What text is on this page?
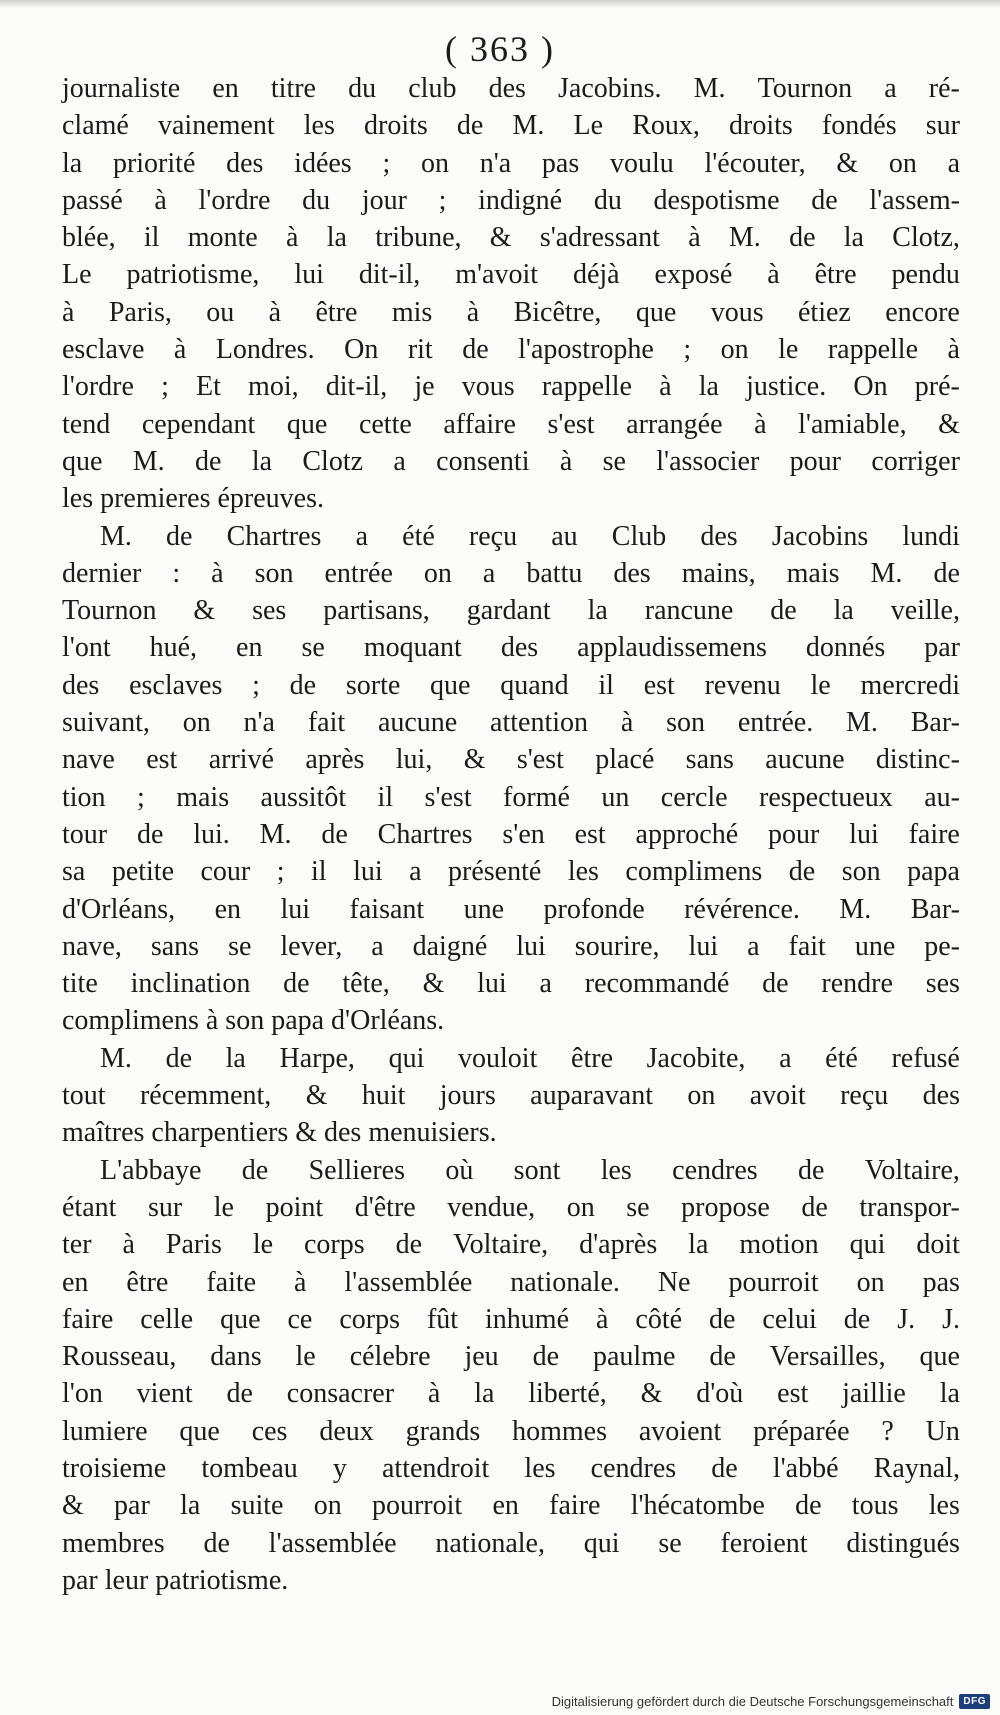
( 363 )
journaliste en titre du club des Jacobins. M. Tournon a ré-
clamé vainement les droits de M. Le Roux, droits fondés sur
la priorité des idées ; on n'a pas voulu l'écouter, & on a
passé à l'ordre du jour ; indigné du despotisme de l'assem-
blée, il monte à la tribune, & s'adressant à M. de la Clotz,
Le patriotisme, lui dit-il, m'avoit déjà exposé à être pendu
à Paris, ou à être mis à Bicêtre, que vous étiez encore
esclave à Londres. On rit de l'apostrophe ; on le rappelle à
l'ordre ; Et moi, dit-il, je vous rappelle à la justice. On pré-
tend cependant que cette affaire s'est arrangée à l'amiable, &
que M. de la Clotz a consenti à se l'associer pour corriger
les premieres épreuves.
M. de Chartres a été reçu au Club des Jacobins lundi
dernier : à son entrée on a battu des mains, mais M. de
Tournon & ses partisans, gardant la rancune de la veille,
l'ont hué, en se moquant des applaudissemens donnés par
des esclaves ; de sorte que quand il est revenu le mercredi
suivant, on n'a fait aucune attention à son entrée. M. Bar-
nave est arrivé après lui, & s'est placé sans aucune distinc-
tion ; mais aussitôt il s'est formé un cercle respectueux au-
tour de lui. M. de Chartres s'en est approché pour lui faire
sa petite cour ; il lui a présenté les complimens de son papa
d'Orléans, en lui faisant une profonde révérence. M. Bar-
nave, sans se lever, a daigné lui sourire, lui a fait une pe-
tite inclination de tête, & lui a recommandé de rendre ses
complimens à son papa d'Orléans.
M. de la Harpe, qui vouloit être Jacobite, a été refusé
tout récemment, & huit jours auparavant on avoit reçu des
maîtres charpentiers & des menuisiers.
L'abbaye de Sellieres où sont les cendres de Voltaire,
étant sur le point d'être vendue, on se propose de transpor-
ter à Paris le corps de Voltaire, d'après la motion qui doit
en être faite à l'assemblée nationale. Ne pourroit on pas
faire celle que ce corps fût inhumé à côté de celui de J. J.
Rousseau, dans le célebre jeu de paulme de Versailles, que
l'on vient de consacrer à la liberté, & d'où est jaillie la
lumiere que ces deux grands hommes avoient préparée ? Un
troisieme tombeau y attendroit les cendres de l'abbé Raynal,
& par la suite on pourroit en faire l'hécatombe de tous les
membres de l'assemblée nationale, qui se feroient distingués
par leur patriotisme.
Digitalisierung gefördert durch die Deutsche Forschungsgemeinschaft	DFG
